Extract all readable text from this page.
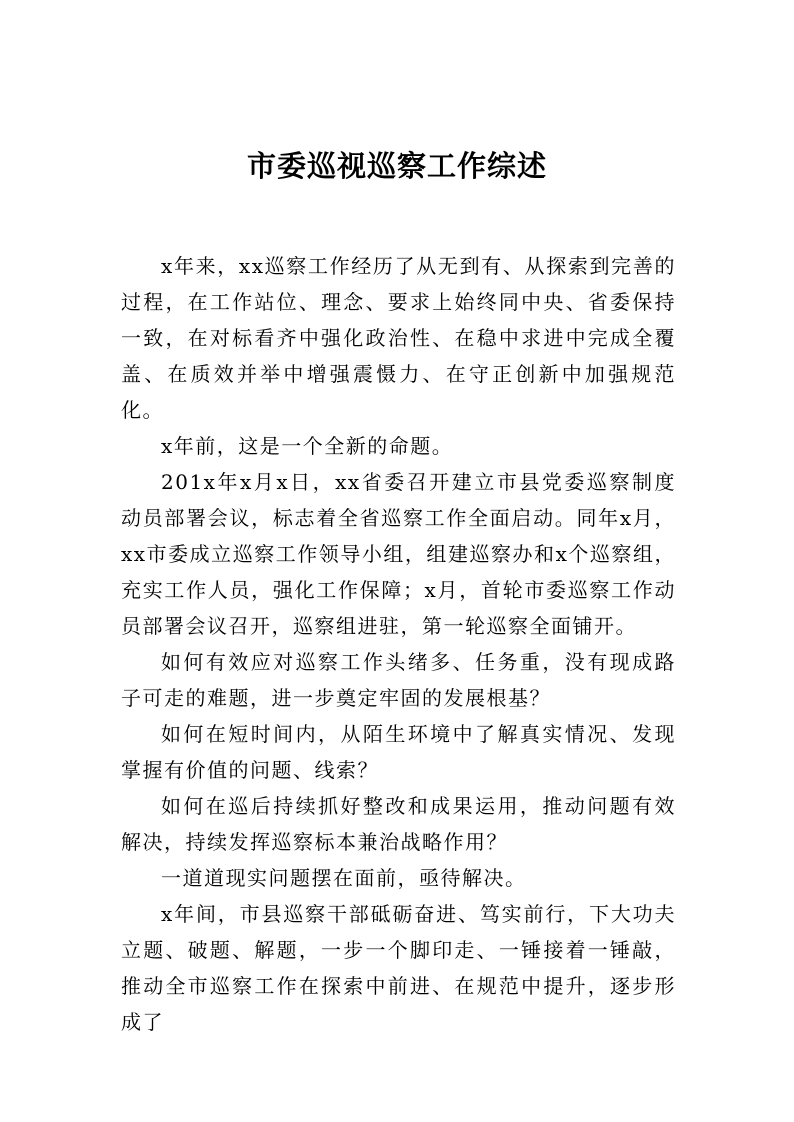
市委巡视巡察工作综述

x年来，xx巡察工作经历了从无到有、从探索到完善的过程，在工作站位、理念、要求上始终同中央、省委保持一致，在对标看齐中强化政治性、在稳中求进中完成全覆盖、在质效并举中增强震慑力、在守正创新中加强规范化。

x年前，这是一个全新的命题。

201x年x月x日，xx省委召开建立市县党委巡察制度动员部署会议，标志着全省巡察工作全面启动。同年x月，xx市委成立巡察工作领导小组，组建巡察办和x个巡察组，充实工作人员，强化工作保障；x月，首轮市委巡察工作动员部署会议召开，巡察组进驻，第一轮巡察全面铺开。

如何有效应对巡察工作头绪多、任务重，没有现成路子可走的难题，进一步奠定牢固的发展根基？

如何在短时间内，从陌生环境中了解真实情况、发现掌握有价值的问题、线索？

如何在巡后持续抓好整改和成果运用，推动问题有效解决，持续发挥巡察标本兼治战略作用？

一道道现实问题摆在面前，亟待解决。

x年间，市县巡察干部砥砺奋进、笃实前行，下大功夫立题、破题、解题，一步一个脚印走、一锤接着一锤敲，推动全市巡察工作在探索中前进、在规范中提升，逐步形成了
